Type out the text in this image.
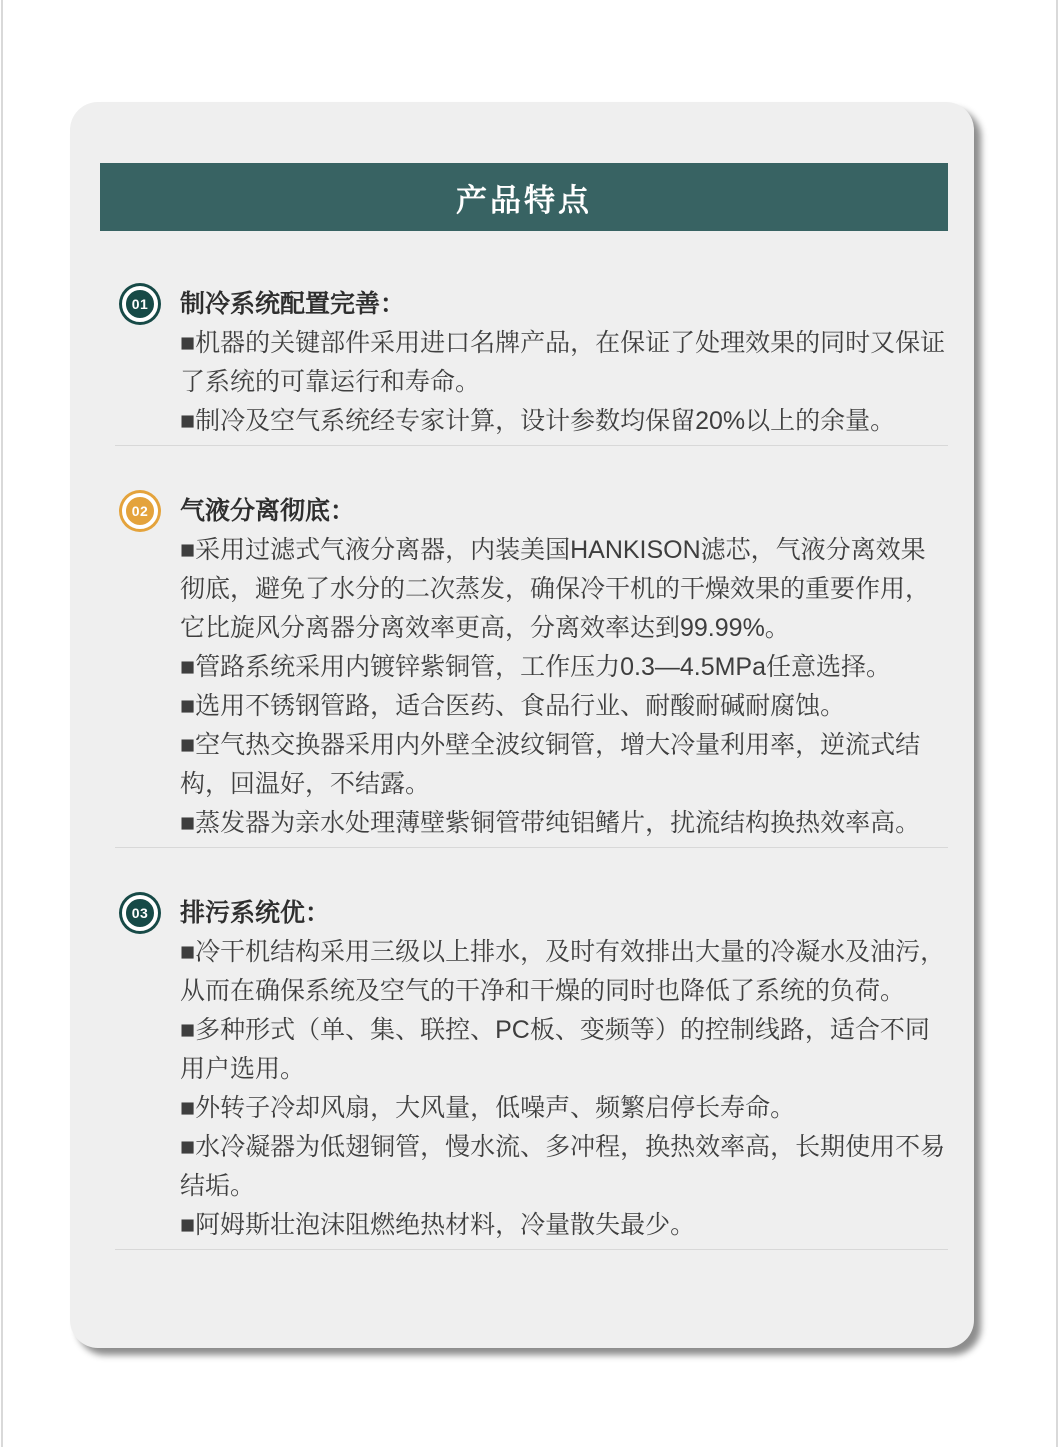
产品特点
01	制冷系统配置完善：

■机器的关键部件采用进口名牌产品，在保证了处理效果的同时又保证了系统的可靠运行和寿命。

■制冷及空气系统经专家计算，设计参数均保留20%以上的余量。

02	气液分离彻底：

■采用过滤式气液分离器，内装美国HANKISON滤芯，气液分离效果彻底，避免了水分的二次蒸发，确保冷干机的干燥效果的重要作用，它比旋风分离器分离效率更高，分离效率达到99.99%。

■管路系统采用内镀锌紫铜管，工作压力0.3—4.5MPa任意选择。

■选用不锈钢管路，适合医药、食品行业、耐酸耐碱耐腐蚀。

■空气热交换器采用内外壁全波纹铜管，增大冷量利用率，逆流式结构，回温好，不结露。

■蒸发器为亲水处理薄壁紫铜管带纯铝鳍片，扰流结构换热效率高。

03	排污系统优：

■冷干机结构采用三级以上排水，及时有效排出大量的冷凝水及油污，从而在确保系统及空气的干净和干燥的同时也降低了系统的负荷。

■多种形式（单、集、联控、PC板、变频等）的控制线路，适合不同用户选用。

■外转子冷却风扇，大风量，低噪声、频繁启停长寿命。

■水冷凝器为低翅铜管，慢水流、多冲程，换热效率高，长期使用不易结垢。

■阿姆斯壮泡沫阻燃绝热材料，冷量散失最少。
